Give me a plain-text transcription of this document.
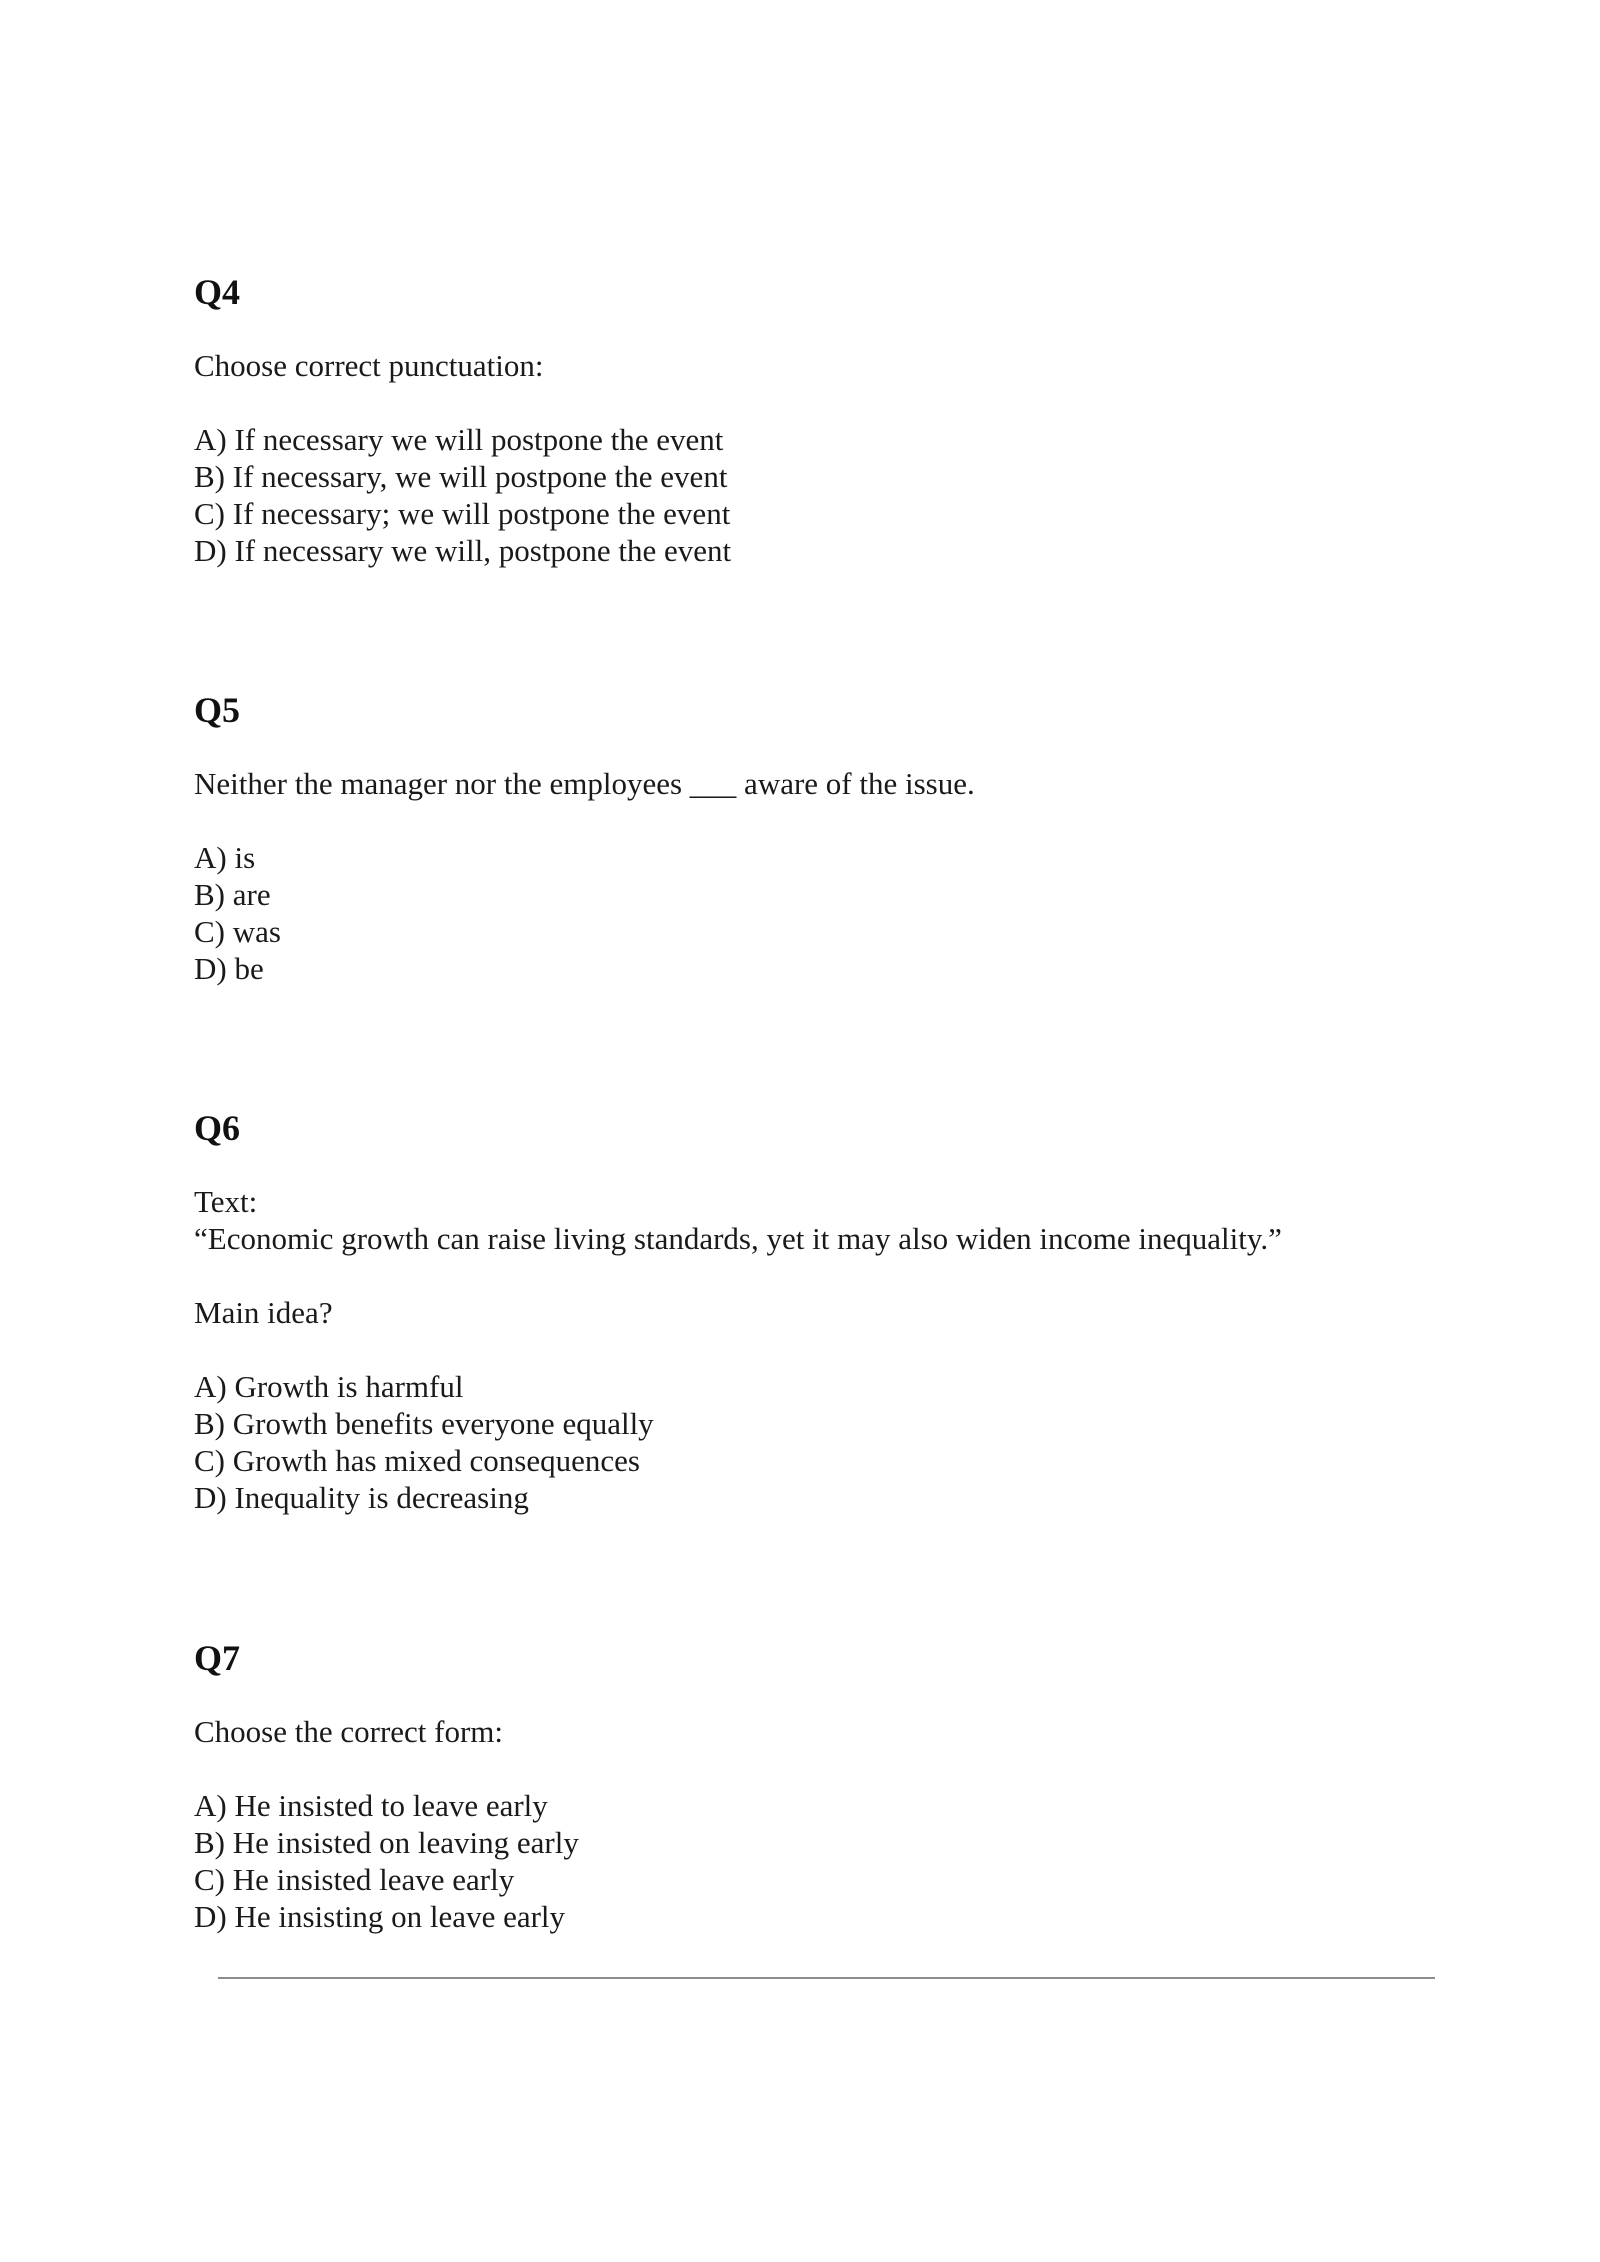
Q4

Choose correct punctuation:

A) If necessary we will postpone the event
B) If necessary, we will postpone the event
C) If necessary; we will postpone the event
D) If necessary we will, postpone the event
Q5

Neither the manager nor the employees ___ aware of the issue.

A) is
B) are
C) was
D) be
Q6

Text:

“Economic growth can raise living standards, yet it may also widen income inequality.”

Main idea?

A) Growth is harmful
B) Growth benefits everyone equally
C) Growth has mixed consequences
D) Inequality is decreasing
Q7

Choose the correct form:

A) He insisted to leave early
B) He insisted on leaving early
C) He insisted leave early
D) He insisting on leave early
